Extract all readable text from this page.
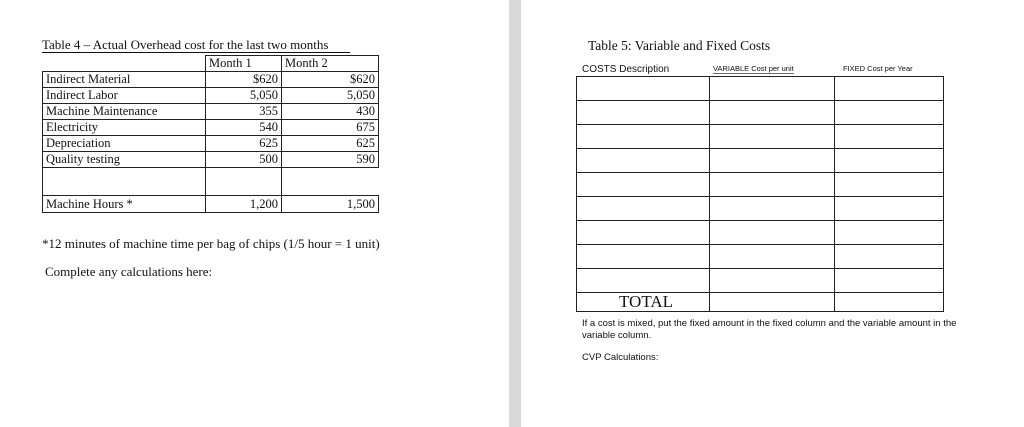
Table 4 – Actual Overhead cost for the last two months
	Month 1	Month 2
Indirect Material	$620	$620
Indirect Labor	5,050	5,050
Machine Maintenance	355	430
Electricity	540	675
Depreciation	625	625
Quality testing	500	590

Machine Hours *	1,200	1,500
*12 minutes of machine time per bag of chips (1/5 hour = 1 unit)
Complete any calculations here:
Table 5: Variable and Fixed Costs
COSTS Description	VARIABLE Cost per unit	FIXED Cost per Year

TOTAL		

If a cost is mixed, put the fixed amount in the fixed column and the variable amount in the variable column.
CVP Calculations:
